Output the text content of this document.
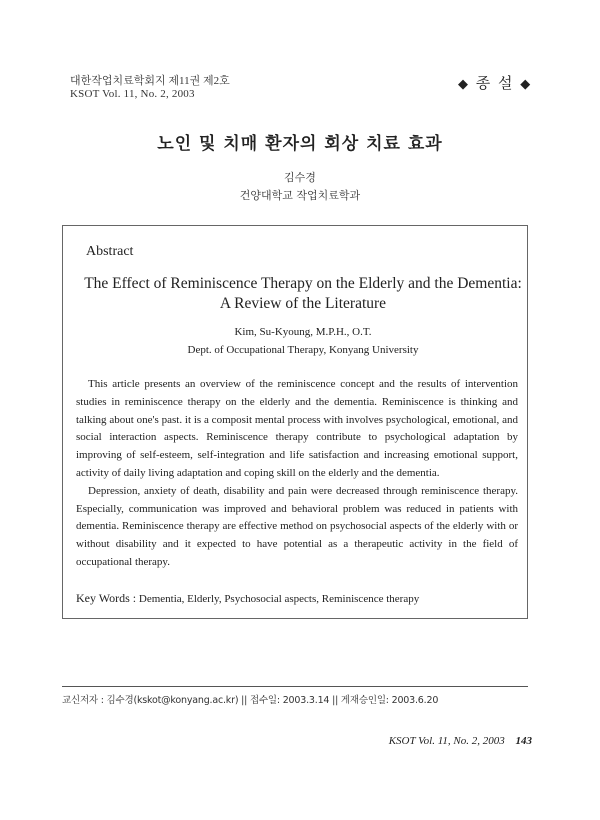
대한작업치료학회지 제11권 제2호
KSOT Vol. 11, No. 2, 2003
◆ 종 설 ◆
노인 및 치매 환자의 회상 치료 효과
김수경
건양대학교 작업치료학과
Abstract
The Effect of Reminiscence Therapy on the Elderly and the Dementia:
A Review of the Literature
Kim, Su-Kyoung, M.P.H., O.T.
Dept. of Occupational Therapy, Konyang University

This article presents an overview of the reminiscence concept and the results of intervention studies in reminiscence therapy on the elderly and the dementia. Reminiscence is thinking and talking about one's past. it is a composit mental process with involves psychological, emotional, and social interaction aspects. Reminiscence therapy contribute to psychological adaptation by improving of self-esteem, self-integration and life satisfaction and increasing emotional support, activity of daily living adaptation and coping skill on the elderly and the dementia.

Depression, anxiety of death, disability and pain were decreased through reminiscence therapy. Especially, communication was improved and behavioral problem was reduced in patients with dementia. Reminiscence therapy are effective method on psychosocial aspects of the elderly with or without disability and it expected to have potential as a therapeutic activity in the field of occupational therapy.

Key Words : Dementia, Elderly, Psychosocial aspects, Reminiscence therapy
교신저자 : 김수경(kskot@konyang.ac.kr) || 접수일: 2003.3.14 || 게재승인일: 2003.6.20
KSOT Vol. 11, No. 2, 2003 143
